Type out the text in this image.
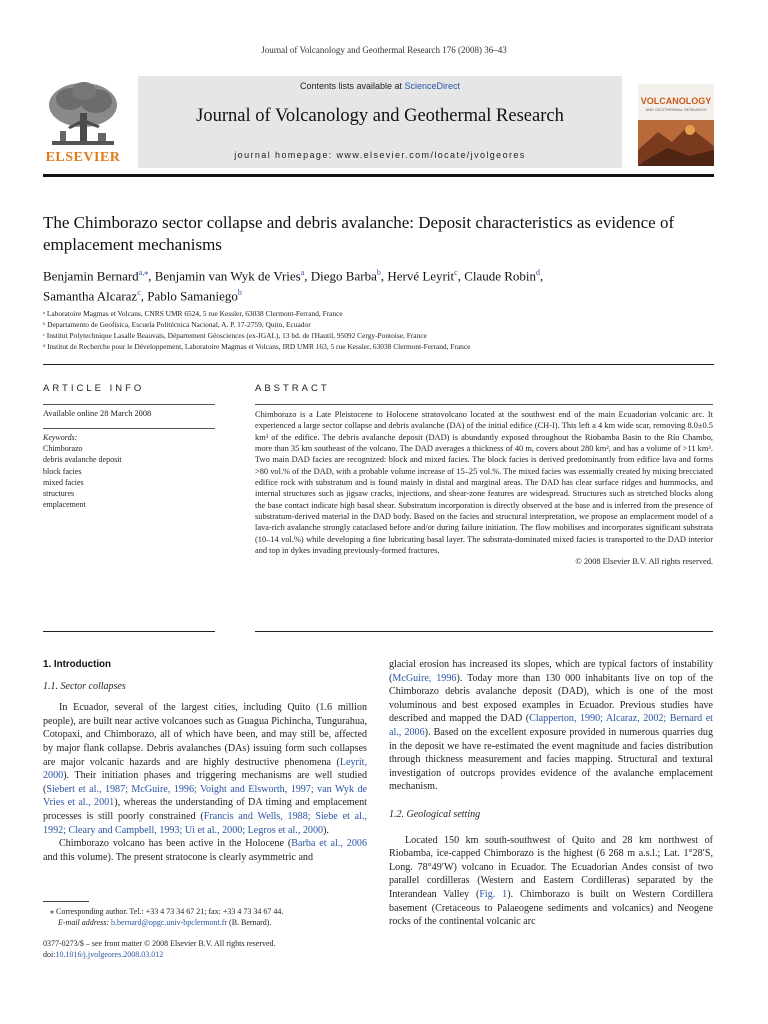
Journal of Volcanology and Geothermal Research 176 (2008) 36–43
ELSEVIER
Contents lists available at ScienceDirect
Journal of Volcanology and Geothermal Research
journal homepage: www.elsevier.com/locate/jvolgeores
VOLCANOLOGY
AND GEOTHERMAL RESEARCH
The Chimborazo sector collapse and debris avalanche: Deposit characteristics as evidence of emplacement mechanisms
Benjamin Bernard$^{a,⁎}$, Benjamin van Wyk de Vries$^a$, Diego Barba$^b$, Hervé Leyrit$^c$, Claude Robin$^d$,
Samantha Alcaraz$^c$, Pablo Samaniego$^b$

ᵃ Laboratoire Magmas et Volcans, CNRS UMR 6524, 5 rue Kessler, 63038 Clermont-Ferrand, France

ᵇ Departamento de Geofísica, Escuela Politécnica Nacional, A. P. 17-2759, Quito, Ecuador

ᶜ Institut Polytechnique Lasalle Beauvais, Département Géosciences (ex-IGAL), 13 bd. de l'Hautil, 95092 Cergy-Pontoise, France

ᵈ Institut de Recherche pour le Développement, Laboratoire Magmas et Volcans, IRD UMR 163, 5 rue Kessler, 63038 Clermont-Ferrand, France

ARTICLE INFO
Available online 28 March 2008
Keywords:
Chimborazo
debris avalanche deposit
block facies
mixed facies
structures
emplacement
ABSTRACT

Chimborazo is a Late Pleistocene to Holocene stratovolcano located at the southwest end of the main Ecuadorian volcanic arc. It experienced a large sector collapse and debris avalanche (DA) of the initial edifice (CH-I). This left a 4 km wide scar, removing 8.0±0.5 km³ of the edifice. The debris avalanche deposit (DAD) is abundantly exposed throughout the Riobamba Basin to the Río Chambo, more than 35 km southeast of the volcano. The DAD averages a thickness of 40 m, covers about 280 km², and has a volume of >11 km³. Two main DAD facies are recognized: block and mixed facies. The block facies is derived predominantly from edifice lava and forms >80 vol.% of the DAD, with a probable volume increase of 15–25 vol.%. The mixed facies was essentially created by mixing brecciated edifice rock with substratum and is found mainly in distal and marginal areas. The DAD has clear surface ridges and hummocks, and internal structures such as jigsaw cracks, injections, and shear-zone features are widespread. Structures such as stretched blocks along the base contact indicate high basal shear. Substratum incorporation is directly observed at the base and is inferred from the presence of substratum-derived material in the DAD body. Based on the facies and structural interpretation, we propose an emplacement model of a lava-rich avalanche strongly cataclased before and/or during failure initiation. The flow mobilises and incorporates significant substrata (10–14 vol.%) while developing a fine lubricating basal layer. The substrata-dominated mixed facies is transported to the DAD interior and top in dykes invading previously-formed fractures.

© 2008 Elsevier B.V. All rights reserved.

1. Introduction
1.1. Sector collapses

In Ecuador, several of the largest cities, including Quito (1.6 million people), are built near active volcanoes such as Guagua Pichincha, Tungurahua, Cotopaxi, and Chimborazo, all of which have been, and may still be, affected by major flank collapse. Debris avalanches (DAs) issuing form such collapses are major volcanic hazards and are highly destructive phenomena (Leyrit, 2000). Their initiation phases and triggering mechanisms are well studied (Siebert et al., 1987; McGuire, 1996; Voight and Elsworth, 1997; van Wyk de Vries et al., 2001), whereas the understanding of DA timing and emplacement processes is still poorly constrained (Francis and Wells, 1988; Siebe et al., 1992; Cleary and Campbell, 1993; Ui et al., 2000; Legros et al., 2000).

Chimborazo volcano has been active in the Holocene (Barba et al., 2006 and this volume). The present stratocone is clearly asymmetric and

⁎ Corresponding author. Tel.: +33 4 73 34 67 21; fax: +33 4 73 34 67 44.
E-mail address: b.bernard@opgc.univ-bpclermont.fr (B. Bernard).
0377-0273/$ – see front matter © 2008 Elsevier B.V. All rights reserved.
doi:10.1016/j.jvolgeores.2008.03.012

glacial erosion has increased its slopes, which are typical factors of instability (McGuire, 1996). Today more than 130 000 inhabitants live on top of the Chimborazo debris avalanche deposit (DAD), which is one of the most voluminous and best exposed examples in Ecuador. Previous studies have described and mapped the DAD (Clapperton, 1990; Alcaraz, 2002; Bernard et al., 2006). Based on the excellent exposure provided in numerous quarries dug in the deposit we have re-estimated the event magnitude and facies distribution through thickness measurement and facies mapping. Structural and textural investigation of outcrops provides evidence of the avalanche emplacement mechanism.

1.2. Geological setting

Located 150 km south-southwest of Quito and 28 km northwest of Riobamba, ice-capped Chimborazo is the highest (6 268 m a.s.l.; Lat. 1°28′S, Long. 78°49′W) volcano in Ecuador. The Ecuadorian Andes consist of two parallel cordilleras (Western and Eastern Cordilleras) separated by the Interandean Valley (Fig. 1). Chimborazo is built on Western Cordillera basement (Cretaceous to Palaeogene sediments and volcanics) and Neogene rocks of the continental volcanic arc
